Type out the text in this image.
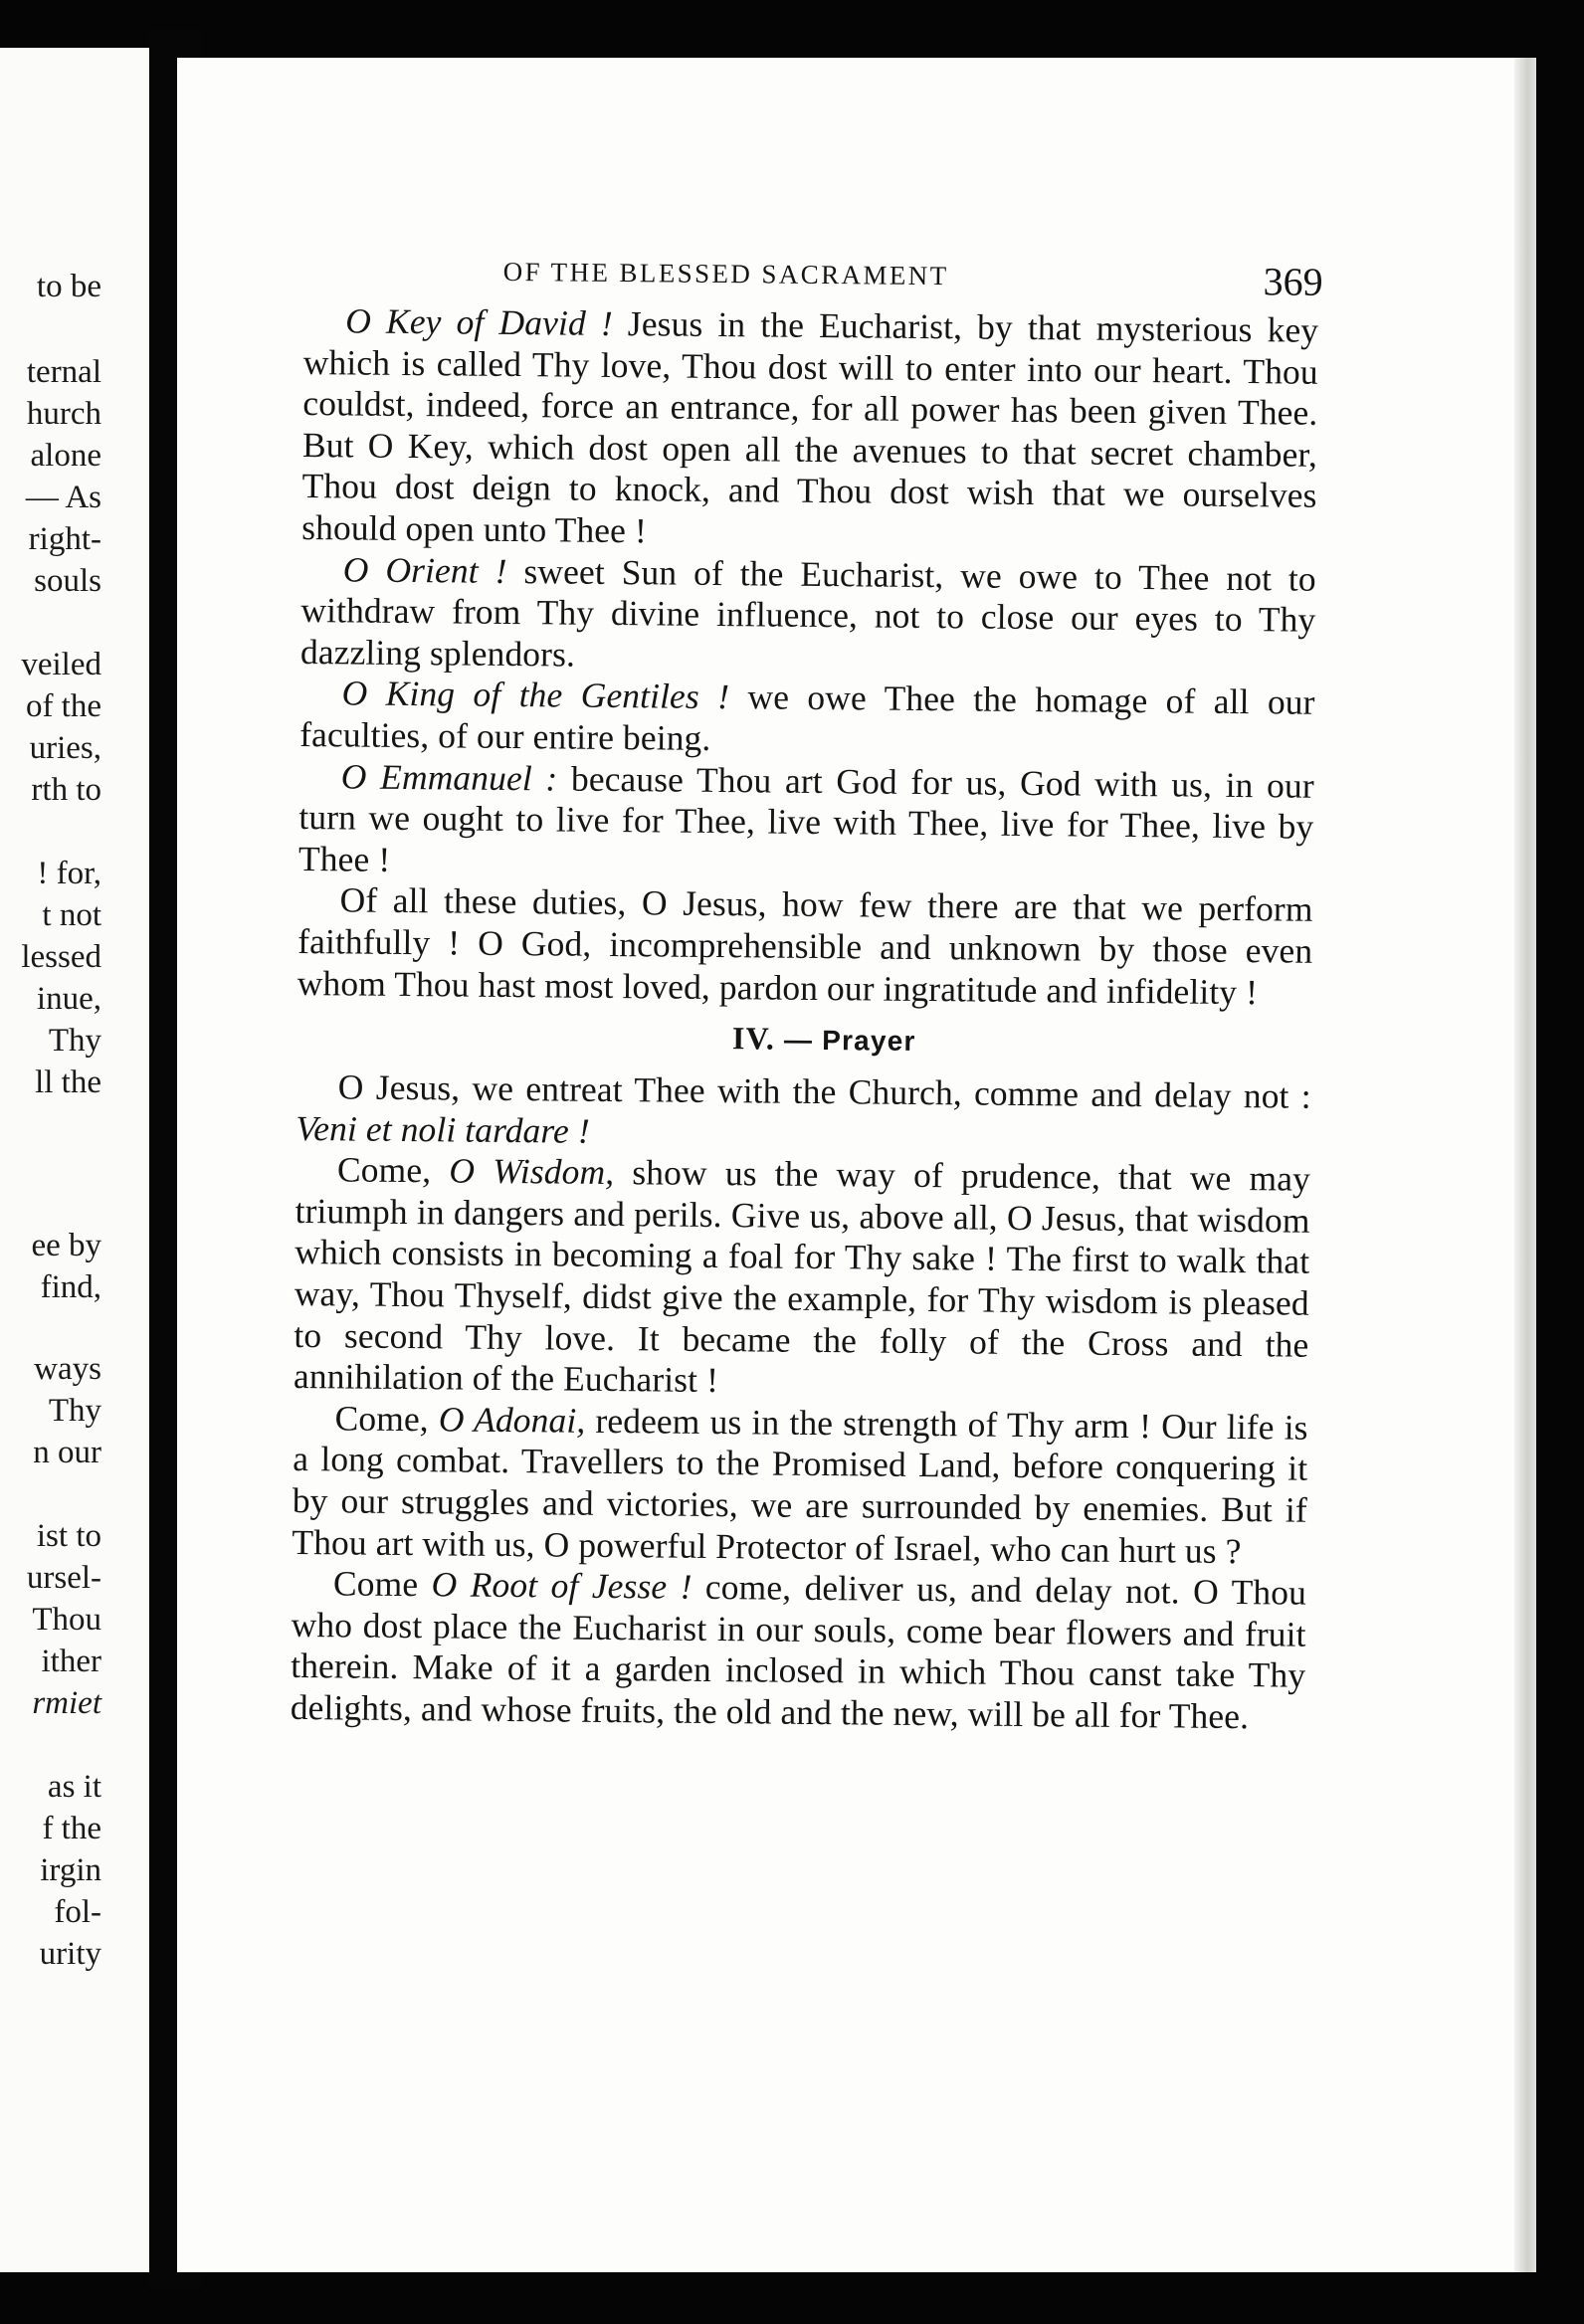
to be
ternal
hurch
alone
— As
right-
souls
veiled
of the
uries,
rth to
! for,
t not
lessed
inue,
Thy
ll the
ee by
find,
ways
Thy
n our
ist to
ursel-
Thou
ither
rmiet
as it
f the
irgin
fol-
urity
OF THE BLESSED SACRAMENT	369

O Key of David ! Jesus in the Eucharist, by that mysterious key which is called Thy love, Thou dost will to enter into our heart. Thou couldst, indeed, force an entrance, for all power has been given Thee. But O Key, which dost open all the avenues to that secret chamber, Thou dost deign to knock, and Thou dost wish that we ourselves should open unto Thee !

O Orient ! sweet Sun of the Eucharist, we owe to Thee not to withdraw from Thy divine influence, not to close our eyes to Thy dazzling splendors.

O King of the Gentiles ! we owe Thee the homage of all our faculties, of our entire being.

O Emmanuel : because Thou art God for us, God with us, in our turn we ought to live for Thee, live with Thee, live for Thee, live by Thee !

Of all these duties, O Jesus, how few there are that we perform faithfully ! O God, incomprehensible and unknown by those even whom Thou hast most loved, pardon our ingratitude and infidelity !

IV. — Prayer

O Jesus, we entreat Thee with the Church, comme and delay not : Veni et noli tardare !

Come, O Wisdom, show us the way of prudence, that we may triumph in dangers and perils. Give us, above all, O Jesus, that wisdom which consists in becoming a foal for Thy sake ! The first to walk that way, Thou Thyself, didst give the example, for Thy wisdom is pleased to second Thy love. It became the folly of the Cross and the annihilation of the Eucharist !

Come, O Adonai, redeem us in the strength of Thy arm ! Our life is a long combat. Travellers to the Promised Land, before conquering it by our struggles and victories, we are surrounded by enemies. But if Thou art with us, O powerful Protector of Israel, who can hurt us ?

Come O Root of Jesse ! come, deliver us, and delay not. O Thou who dost place the Eucharist in our souls, come bear flowers and fruit therein. Make of it a garden inclosed in which Thou canst take Thy delights, and whose fruits, the old and the new, will be all for Thee.
